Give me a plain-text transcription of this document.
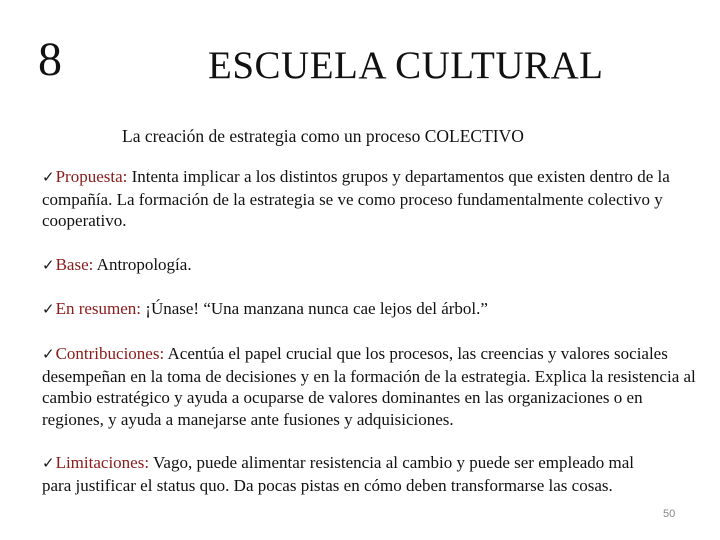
8	ESCUELA CULTURAL
La creación de estrategia como un proceso COLECTIVO
✓Propuesta: Intenta implicar a los distintos grupos y departamentos que existen dentro de la compañía. La formación de la estrategia se ve como proceso fundamentalmente colectivo y cooperativo.
✓Base: Antropología.
✓En resumen: ¡Únase! “Una manzana nunca cae lejos del árbol.”
✓Contribuciones: Acentúa el papel crucial que los procesos, las creencias y valores sociales desempeñan en la toma de decisiones y en la formación de la estrategia. Explica la resistencia al cambio estratégico y ayuda a ocuparse de valores dominantes en las organizaciones o en regiones, y ayuda a manejarse ante fusiones y adquisiciones.
✓Limitaciones: Vago, puede alimentar resistencia al cambio y puede ser empleado mal para justificar el status quo. Da pocas pistas en cómo deben transformarse las cosas.
50
